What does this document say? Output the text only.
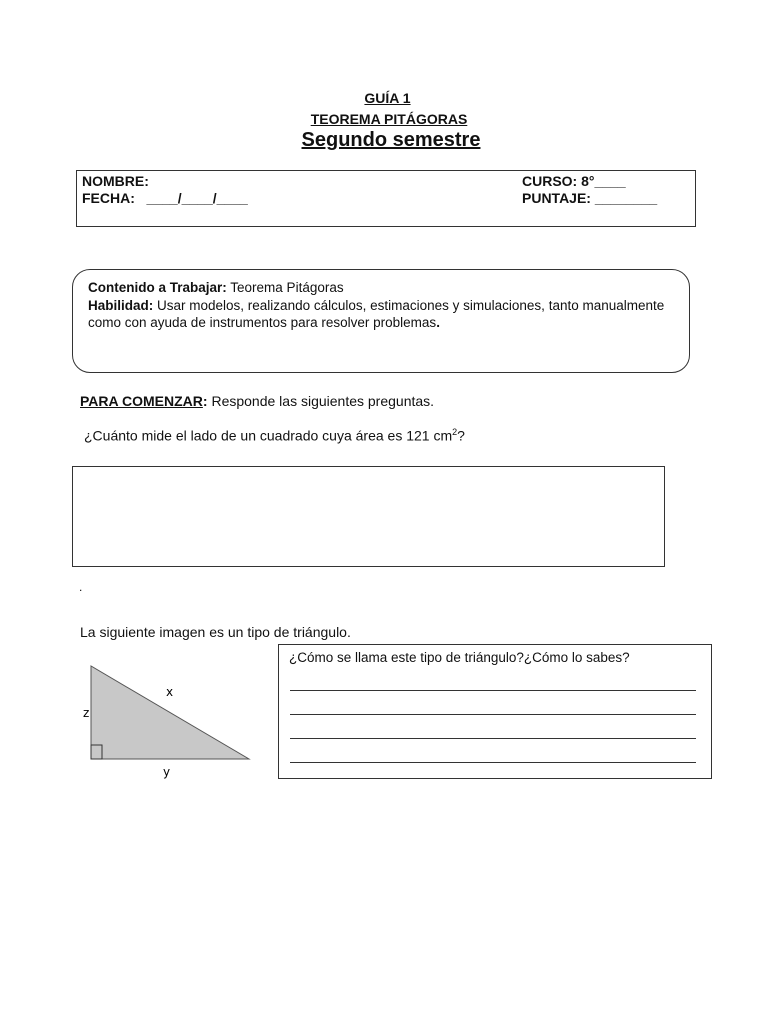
GUÍA 1
TEOREMA PITÁGORAS
Segundo semestre
NOMBRE:
FECHA:   ____/____/____
CURSO: 8°____
PUNTAJE: ________
Contenido a Trabajar: Teorema Pitágoras
Habilidad: Usar modelos, realizando cálculos, estimaciones y simulaciones, tanto manualmente como con ayuda de instrumentos para resolver problemas.
PARA COMENZAR: Responde las siguientes preguntas.
¿Cuánto mide el lado de un cuadrado cuya área es 121 $cm^2$?
.
La siguiente imagen es un tipo de triángulo.
x
z
y
¿Cómo se llama este tipo de triángulo?¿Cómo lo sabes?
